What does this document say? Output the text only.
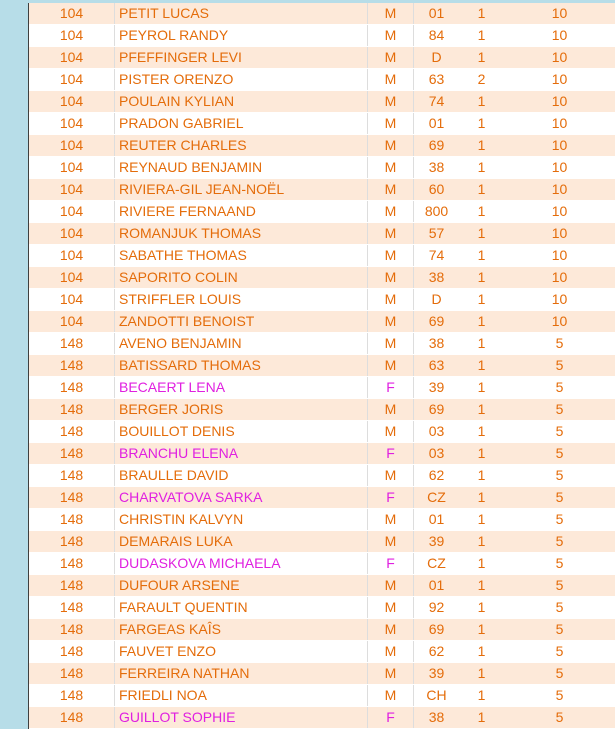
104	PETIT LUCAS	M	01	1	10
104	PEYROL RANDY	M	84	1	10
104	PFEFFINGER LEVI	M	D	1	10
104	PISTER ORENZO	M	63	2	10
104	POULAIN KYLIAN	M	74	1	10
104	PRADON GABRIEL	M	01	1	10
104	REUTER CHARLES	M	69	1	10
104	REYNAUD BENJAMIN	M	38	1	10
104	RIVIERA-GIL JEAN-NOËL	M	60	1	10
104	RIVIERE FERNAAND	M	800	1	10
104	ROMANJUK THOMAS	M	57	1	10
104	SABATHE THOMAS	M	74	1	10
104	SAPORITO COLIN	M	38	1	10
104	STRIFFLER LOUIS	M	D	1	10
104	ZANDOTTI BENOIST	M	69	1	10
148	AVENO BENJAMIN	M	38	1	5
148	BATISSARD THOMAS	M	63	1	5
148	BECAERT LENA	F	39	1	5
148	BERGER JORIS	M	69	1	5
148	BOUILLOT DENIS	M	03	1	5
148	BRANCHU ELENA	F	03	1	5
148	BRAULLE DAVID	M	62	1	5
148	CHARVATOVA SARKA	F	CZ	1	5
148	CHRISTIN KALVYN	M	01	1	5
148	DEMARAIS LUKA	M	39	1	5
148	DUDASKOVA MICHAELA	F	CZ	1	5
148	DUFOUR ARSENE	M	01	1	5
148	FARAULT QUENTIN	M	92	1	5
148	FARGEAS KAÎS	M	69	1	5
148	FAUVET ENZO	M	62	1	5
148	FERREIRA NATHAN	M	39	1	5
148	FRIEDLI NOA	M	CH	1	5
148	GUILLOT SOPHIE	F	38	1	5
